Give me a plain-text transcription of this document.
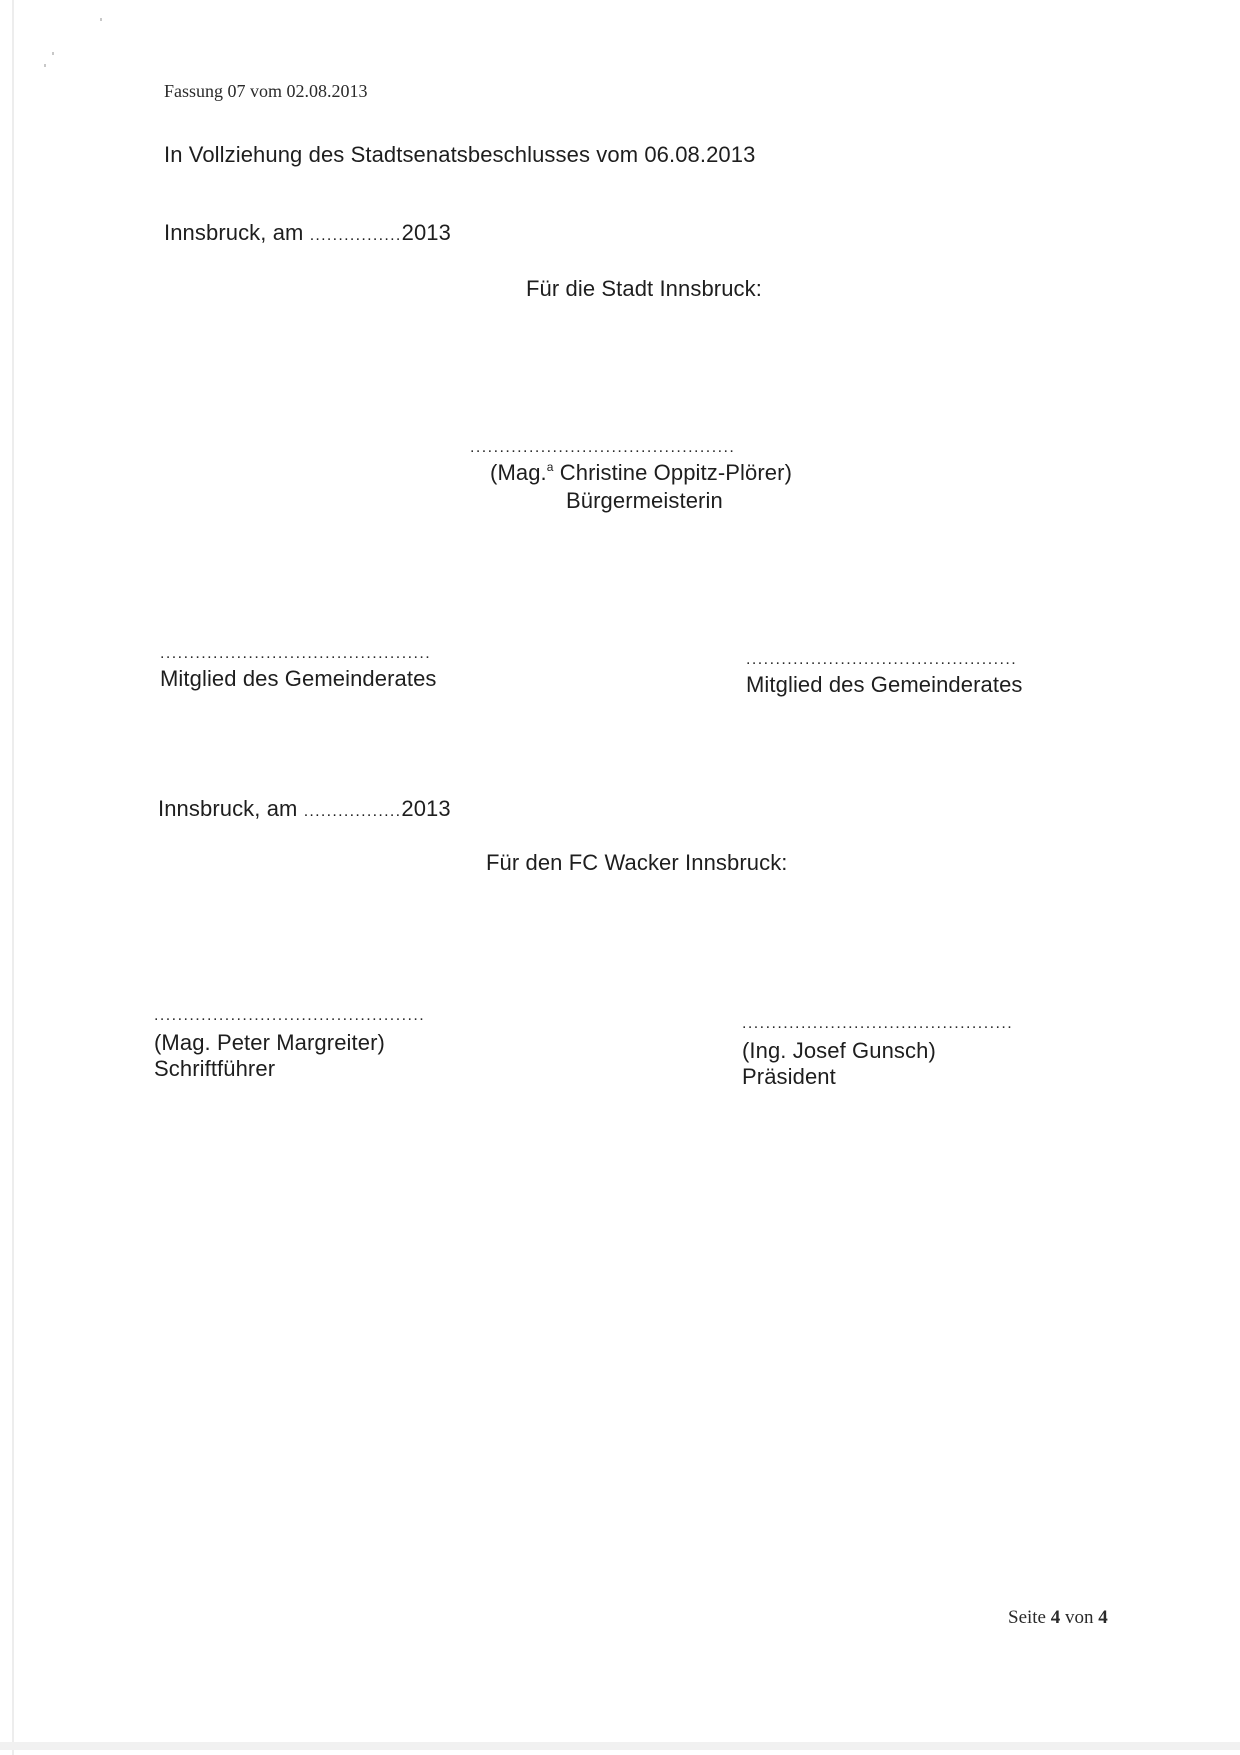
Fassung 07 vom 02.08.2013
In Vollziehung des Stadtsenatsbeschlusses vom 06.08.2013
Innsbruck, am ................2013
Für die Stadt Innsbruck:
.............................................
(Mag.$^a$ Christine Oppitz-Plörer)
Bürgermeisterin
..............................................
Mitglied des Gemeinderates
..............................................
Mitglied des Gemeinderates
Innsbruck, am .................2013
Für den FC Wacker Innsbruck:
..............................................
(Mag. Peter Margreiter)
Schriftführer
..............................................
(Ing. Josef Gunsch)
Präsident
Seite 4 von 4
